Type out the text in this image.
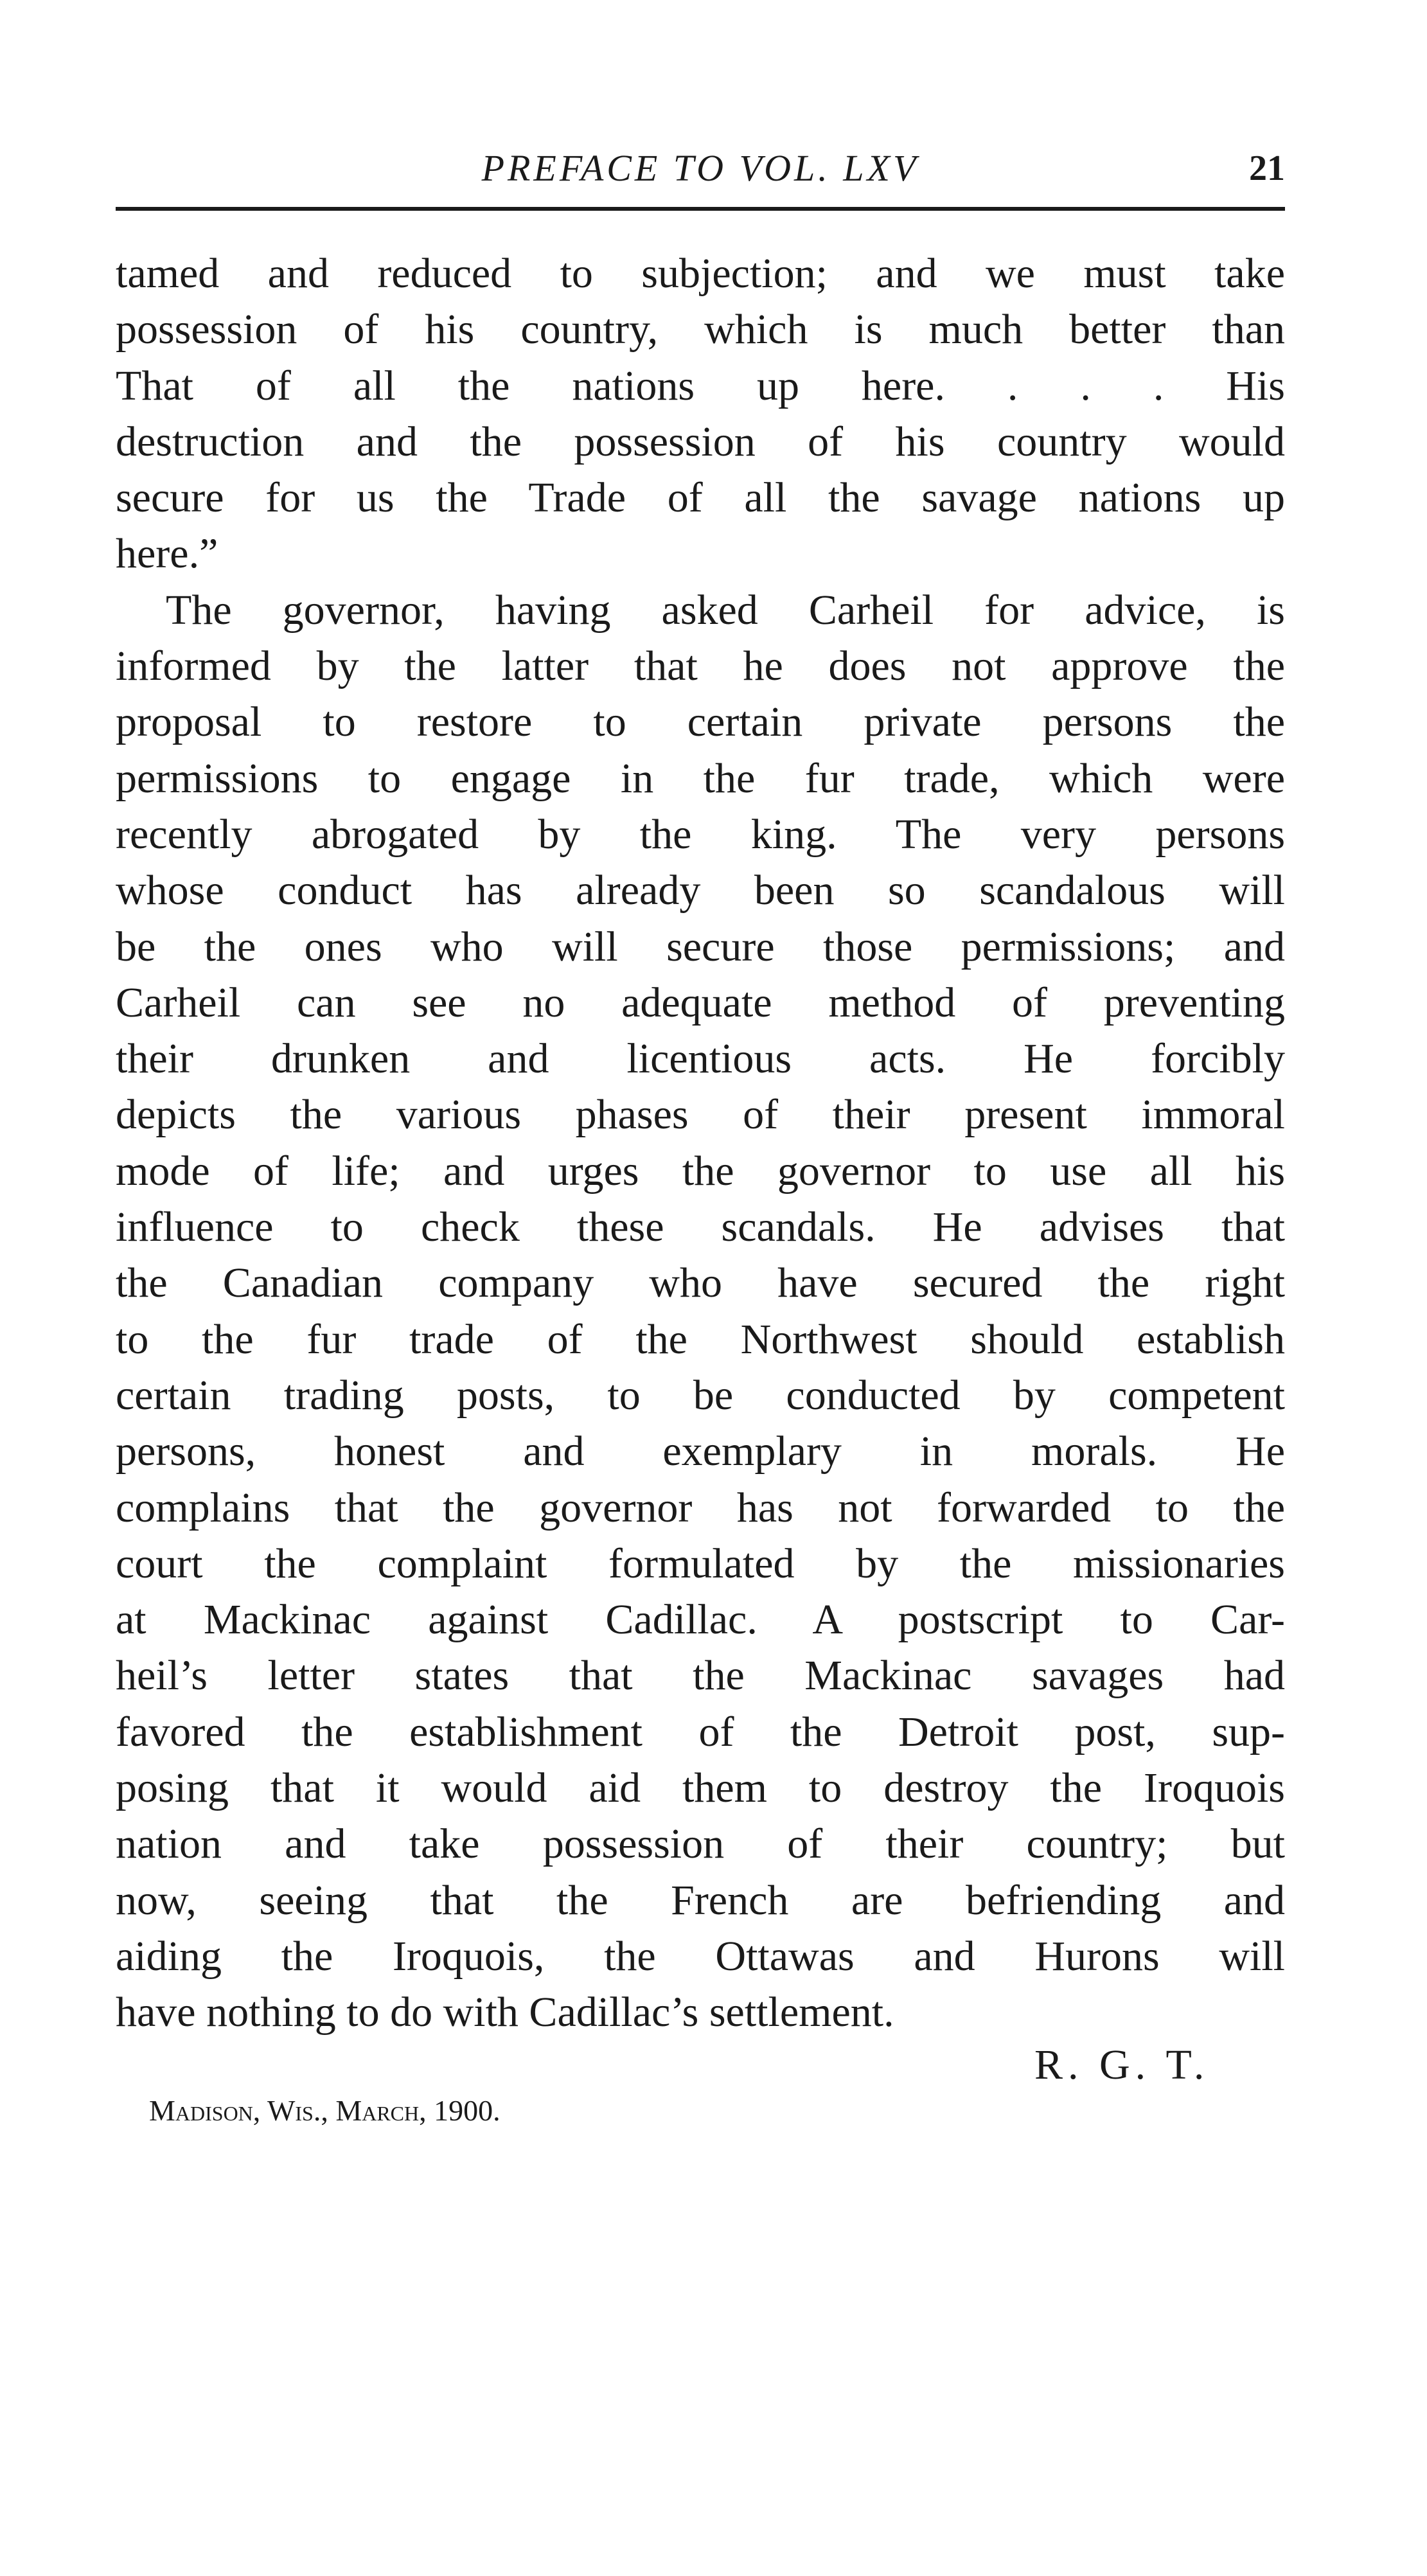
PREFACE TO VOL. LXV	21
tamed and reduced to subjection; and we must take
possession of his country, which is much better than
That of all the nations up here. . . . His
destruction and the possession of his country would
secure for us the Trade of all the savage nations up
here.”
The governor, having asked Carheil for advice, is
informed by the latter that he does not approve the
proposal to restore to certain private persons the
permissions to engage in the fur trade, which were
recently abrogated by the king. The very persons
whose conduct has already been so scandalous will
be the ones who will secure those permissions; and
Carheil can see no adequate method of preventing
their drunken and licentious acts. He forcibly
depicts the various phases of their present immoral
mode of life; and urges the governor to use all his
influence to check these scandals. He advises that
the Canadian company who have secured the right
to the fur trade of the Northwest should establish
certain trading posts, to be conducted by competent
persons, honest and exemplary in morals. He
complains that the governor has not forwarded to the
court the complaint formulated by the missionaries
at Mackinac against Cadillac. A postscript to Car-
heil’s letter states that the Mackinac savages had
favored the establishment of the Detroit post, sup-
posing that it would aid them to destroy the Iroquois
nation and take possession of their country; but
now, seeing that the French are befriending and
aiding the Iroquois, the Ottawas and Hurons will
have nothing to do with Cadillac’s settlement.
R. G. T.
Madison, Wis., March, 1900.
